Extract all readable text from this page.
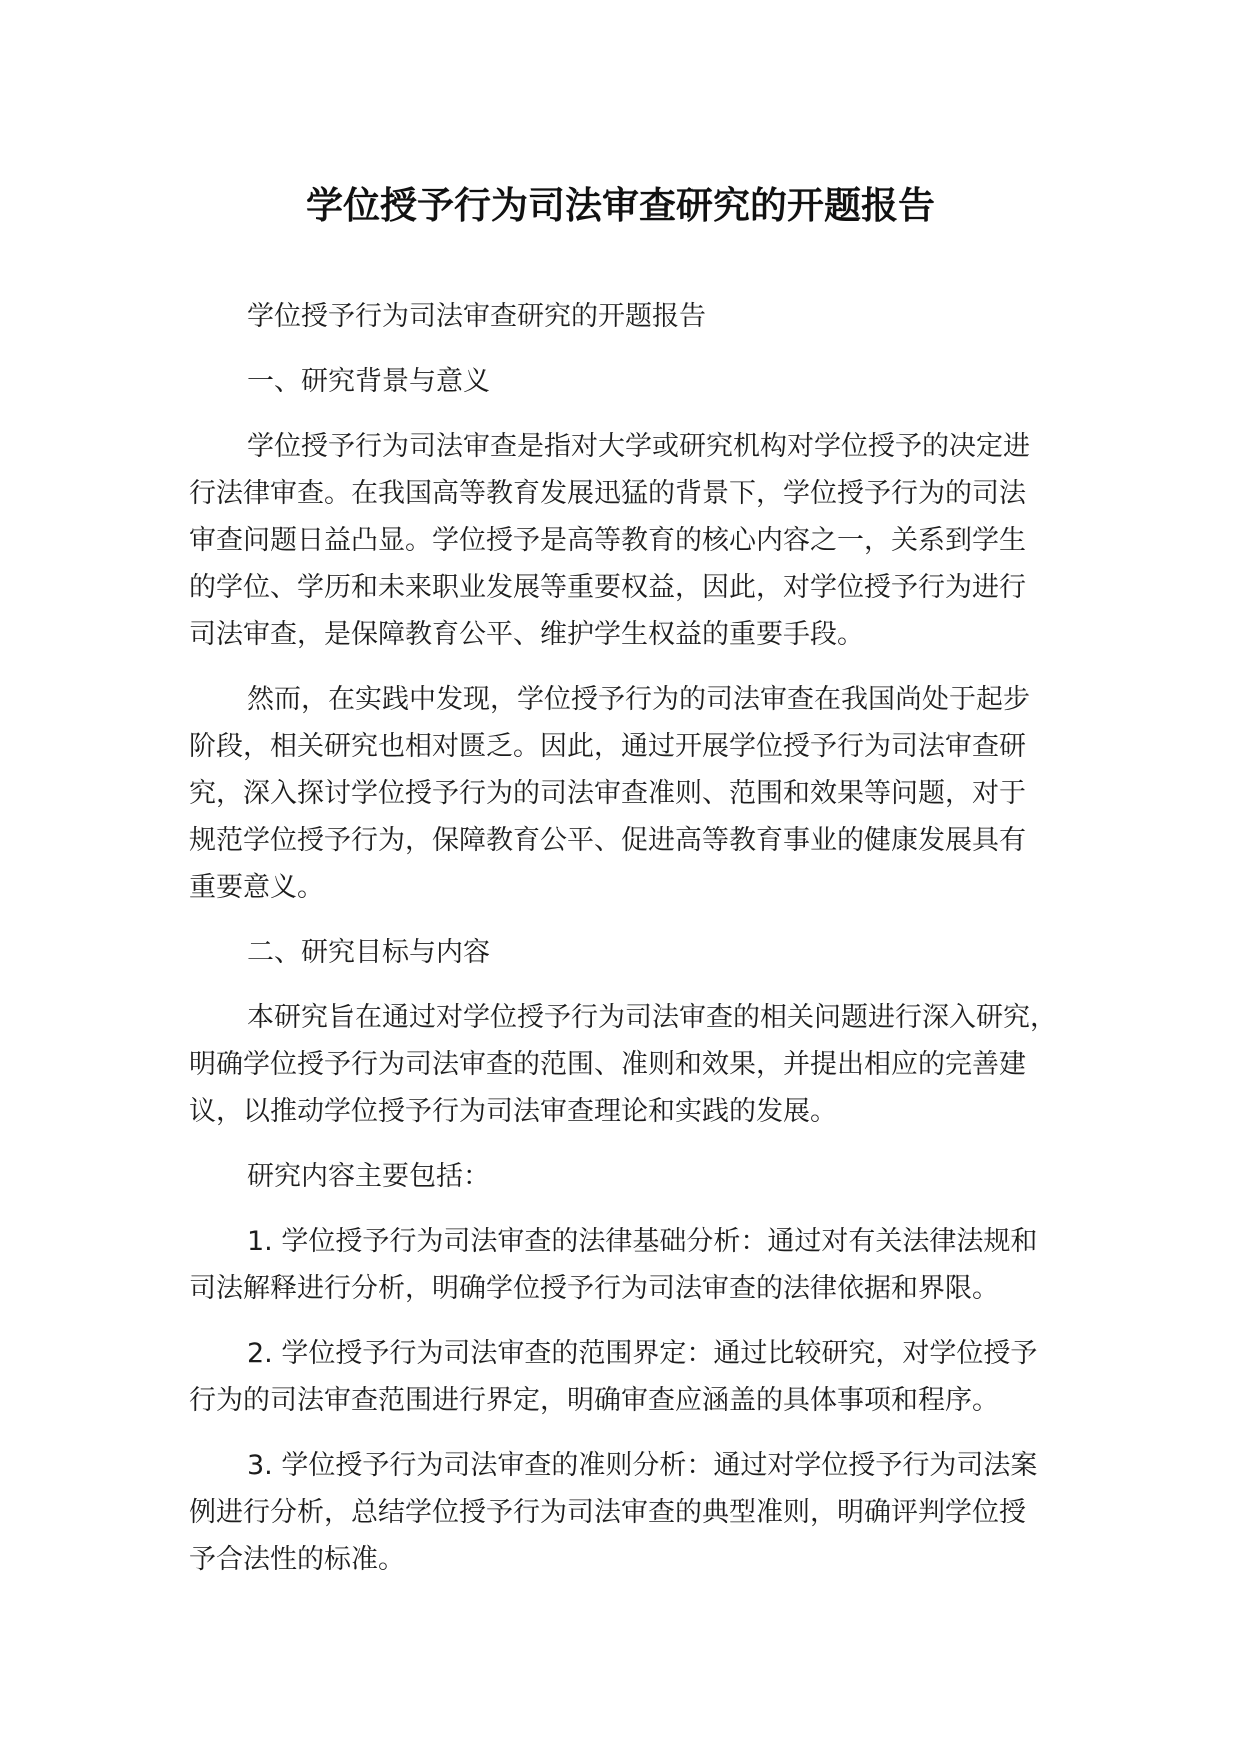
学位授予行为司法审查研究的开题报告
学位授予行为司法审查研究的开题报告
一、研究背景与意义
学位授予行为司法审查是指对大学或研究机构对学位授予的决定进
行法律审查。在我国高等教育发展迅猛的背景下，学位授予行为的司法
审查问题日益凸显。学位授予是高等教育的核心内容之一，关系到学生
的学位、学历和未来职业发展等重要权益，因此，对学位授予行为进行
司法审查，是保障教育公平、维护学生权益的重要手段。
然而，在实践中发现，学位授予行为的司法审查在我国尚处于起步
阶段，相关研究也相对匮乏。因此，通过开展学位授予行为司法审查研
究，深入探讨学位授予行为的司法审查准则、范围和效果等问题，对于
规范学位授予行为，保障教育公平、促进高等教育事业的健康发展具有
重要意义。
二、研究目标与内容
本研究旨在通过对学位授予行为司法审查的相关问题进行深入研究，
明确学位授予行为司法审查的范围、准则和效果，并提出相应的完善建
议，以推动学位授予行为司法审查理论和实践的发展。
研究内容主要包括：
1. 学位授予行为司法审查的法律基础分析：通过对有关法律法规和
司法解释进行分析，明确学位授予行为司法审查的法律依据和界限。
2. 学位授予行为司法审查的范围界定：通过比较研究，对学位授予
行为的司法审查范围进行界定，明确审查应涵盖的具体事项和程序。
3. 学位授予行为司法审查的准则分析：通过对学位授予行为司法案
例进行分析，总结学位授予行为司法审查的典型准则，明确评判学位授
予合法性的标准。
